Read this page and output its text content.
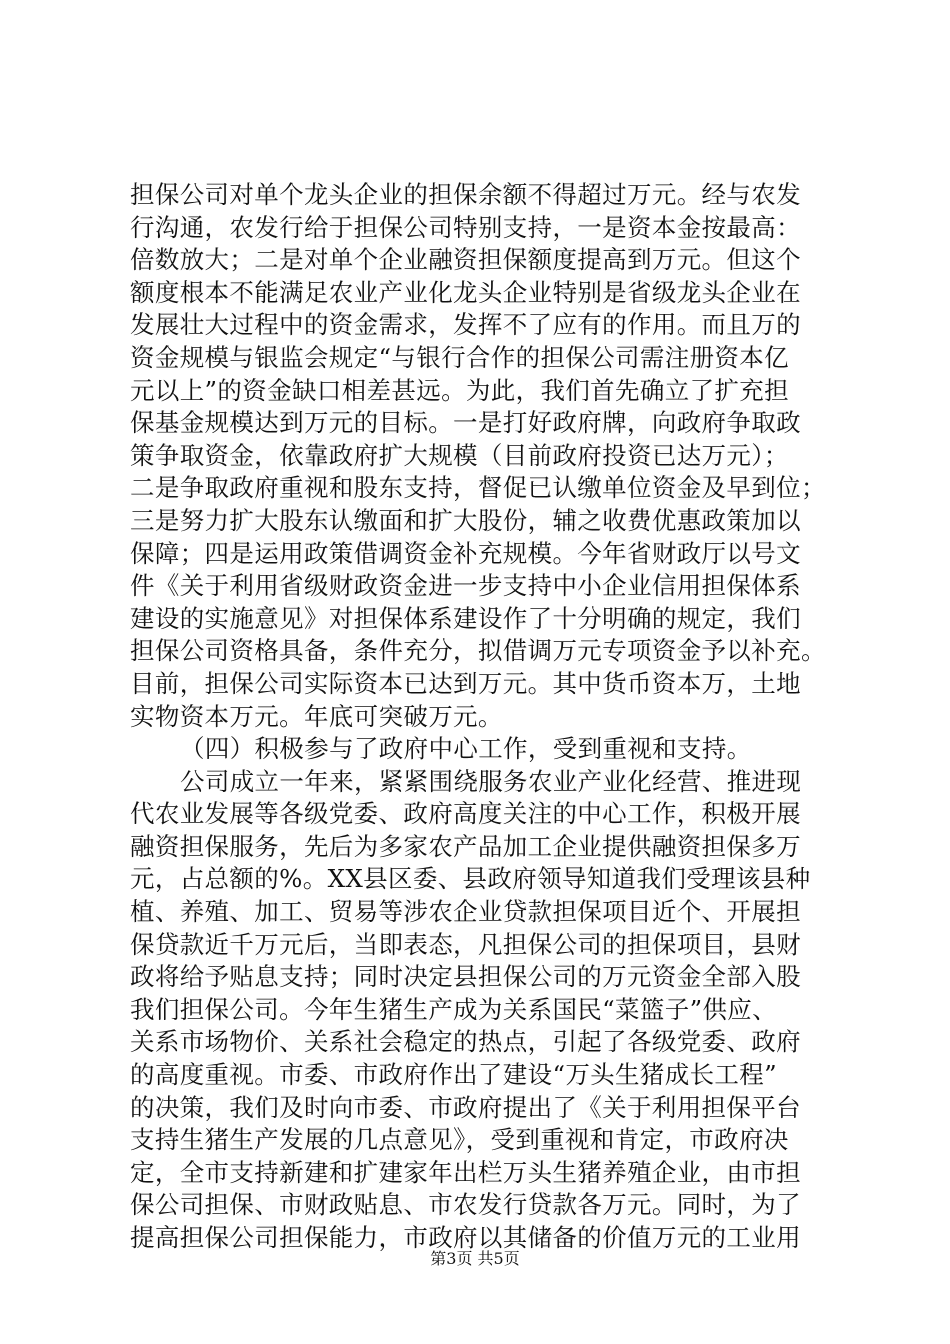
担保公司对单个龙头企业的担保余额不得超过万元。经与农发
行沟通，农发行给于担保公司特别支持，一是资本金按最高：
倍数放大；二是对单个企业融资担保额度提高到万元。但这个
额度根本不能满足农业产业化龙头企业特别是省级龙头企业在
发展壮大过程中的资金需求，发挥不了应有的作用。而且万的
资金规模与银监会规定“与银行合作的担保公司需注册资本亿
元以上”的资金缺口相差甚远。为此，我们首先确立了扩充担
保基金规模达到万元的目标。一是打好政府牌，向政府争取政
策争取资金，依靠政府扩大规模（目前政府投资已达万元）；
二是争取政府重视和股东支持，督促已认缴单位资金及早到位；
三是努力扩大股东认缴面和扩大股份，辅之收费优惠政策加以
保障；四是运用政策借调资金补充规模。今年省财政厅以号文
件《关于利用省级财政资金进一步支持中小企业信用担保体系
建设的实施意见》对担保体系建设作了十分明确的规定，我们
担保公司资格具备，条件充分，拟借调万元专项资金予以补充。
目前，担保公司实际资本已达到万元。其中货币资本万，土地
实物资本万元。年底可突破万元。
（四）积极参与了政府中心工作，受到重视和支持。
公司成立一年来，紧紧围绕服务农业产业化经营、推进现
代农业发展等各级党委、政府高度关注的中心工作，积极开展
融资担保服务，先后为多家农产品加工企业提供融资担保多万
元，占总额的%。XX县区委、县政府领导知道我们受理该县种
植、养殖、加工、贸易等涉农企业贷款担保项目近个、开展担
保贷款近千万元后，当即表态，凡担保公司的担保项目，县财
政将给予贴息支持；同时决定县担保公司的万元资金全部入股
我们担保公司。今年生猪生产成为关系国民“菜篮子”供应、
关系市场物价、关系社会稳定的热点，引起了各级党委、政府
的高度重视。市委、市政府作出了建设“万头生猪成长工程”
的决策，我们及时向市委、市政府提出了《关于利用担保平台
支持生猪生产发展的几点意见》，受到重视和肯定，市政府决
定，全市支持新建和扩建家年出栏万头生猪养殖企业，由市担
保公司担保、市财政贴息、市农发行贷款各万元。同时，为了
提高担保公司担保能力，市政府以其储备的价值万元的工业用
第3页 共5页
